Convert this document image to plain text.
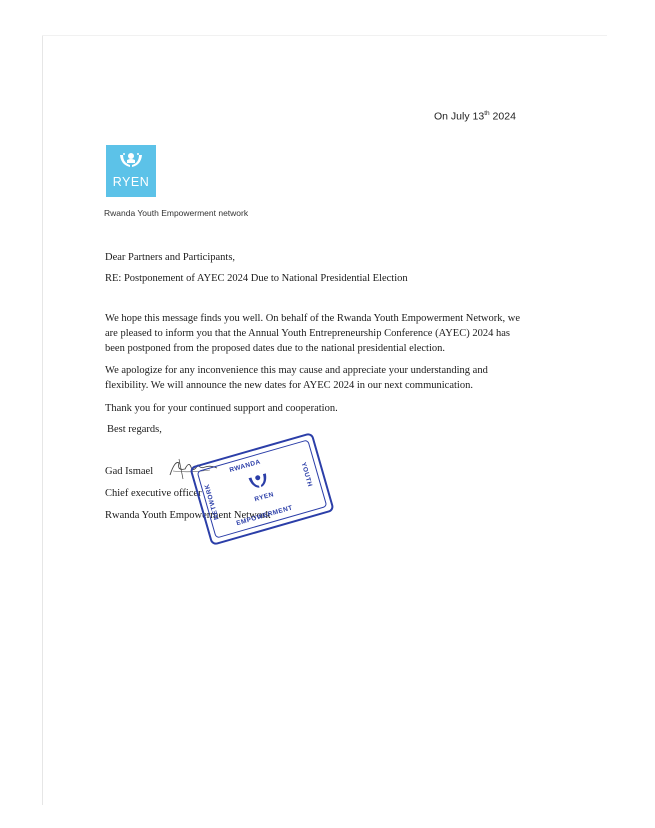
On July 13th 2024
RYEN
Rwanda Youth Empowerment network
Dear Partners and Participants,
RE: Postponement of AYEC 2024 Due to National Presidential Election

We hope this message finds you well. On behalf of the Rwanda Youth Empowerment Network, we are pleased to inform you that the Annual Youth Entrepreneurship Conference (AYEC) 2024 has been postponed from the proposed dates due to the national presidential election.

We apologize for any inconvenience this may cause and appreciate your understanding and flexibility. We will announce the new dates for AYEC 2024 in our next communication.

Thank you for your continued support and cooperation.
Best regards,
Gad Ismael
Chief executive officer
Rwanda Youth Empowerment Network
RWANDA	YOUTH
NETWORK EMPOWERMENT
RYEN
